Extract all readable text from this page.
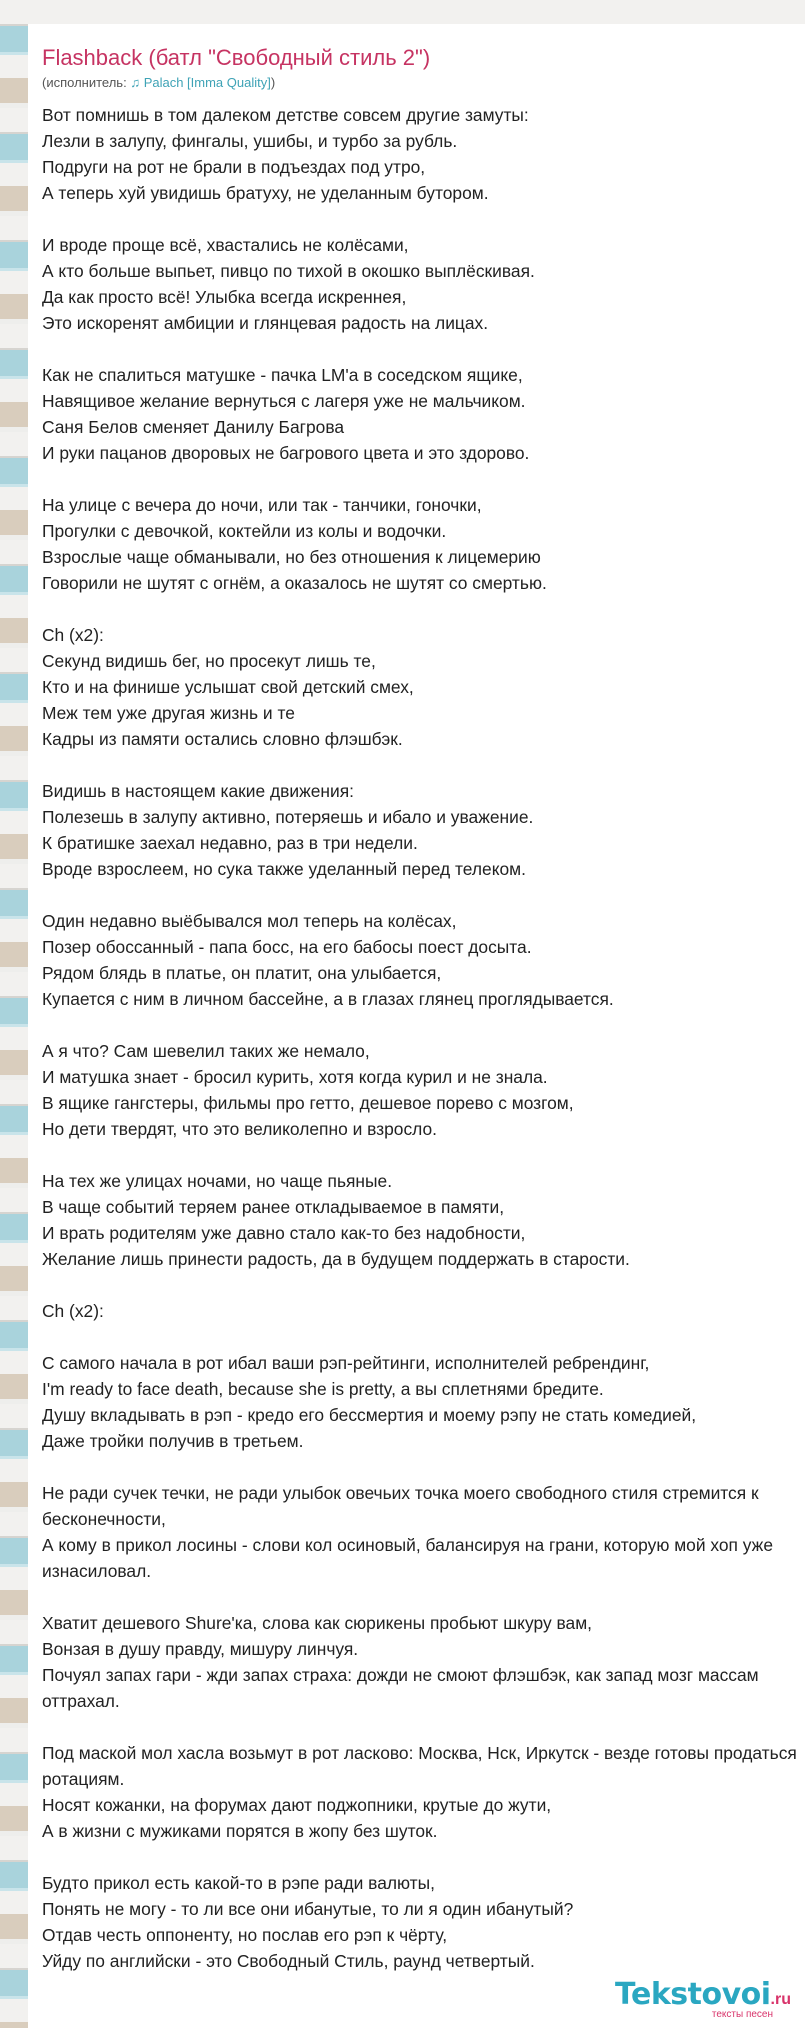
Flashback (батл "Свободный стиль 2")
(исполнитель: ♫ Palach [Imma Quality])
Вот помнишь в том далеком детстве совсем другие замуты:
Лезли в залупу, фингалы, ушибы, и турбо за рубль.
Подруги на рот не брали в подъездах под утро,
А теперь хуй увидишь братуху, не уделанным бутором.
И вроде проще всё, хвастались не колёсами,
А кто больше выпьет, пивцо по тихой в окошко выплёскивая.
Да как просто всё! Улыбка всегда искреннея,
Это искоренят амбиции и глянцевая радость на лицах.
Как не спалиться матушке - пачка LM'a в соседском ящике,
Навящивое желание вернуться с лагеря уже не мальчиком.
Саня Белов сменяет Данилу Багрова
И руки пацанов дворовых не багрового цвета и это здорово.
На улице с вечера до ночи, или так - танчики, гоночки,
Прогулки с девочкой, коктейли из колы и водочки.
Взрослые чаще обманывали, но без отношения к лицемерию
Говорили не шутят с огнём, а оказалось не шутят со смертью.
Ch (x2):
Секунд видишь бег, но просекут лишь те,
Кто и на финише услышат свой детский смех,
Меж тем уже другая жизнь и те
Кадры из памяти остались словно флэшбэк.
Видишь в настоящем какие движения:
Полезешь в залупу активно, потеряешь и ибало и уважение.
К братишке заехал недавно, раз в три недели.
Вроде взрослеем, но сука также уделанный перед телеком.
Один недавно выёбывался мол теперь на колёсах,
Позер обоссанный - папа босс, на его бабосы поест досыта.
Рядом блядь в платье, он платит, она улыбается,
Купается с ним в личном бассейне, а в глазах глянец проглядывается.
А я что? Сам шевелил таких же немало,
И матушка знает - бросил курить, хотя когда курил и не знала.
В ящике гангстеры, фильмы про гетто, дешевое порево с мозгом,
Но дети твердят, что это великолепно и взросло.
На тех же улицах ночами, но чаще пьяные.
В чаще событий теряем ранее откладываемое в памяти,
И врать родителям уже давно стало как-то без надобности,
Желание лишь принести радость, да в будущем поддержать в старости.
Ch (x2):
С самого начала в рот ибал ваши рэп-рейтинги, исполнителей ребрендинг,
I'm ready to face death, because she is pretty, а вы сплетнями бредите.
Душу вкладывать в рэп - кредо его бессмертия и моему рэпу не стать комедией,
Даже тройки получив в третьем.
Не ради сучек течки, не ради улыбок овечьих точка моего свободного стиля стремится к бесконечности,
А кому в прикол лосины - слови кол осиновый, балансируя на грани, которую мой хоп уже изнасиловал.
Хватит дешевого Shure'ка, слова как сюрикены пробьют шкуру вам,
Вонзая в душу правду, мишуру линчуя.
Почуял запах гари - жди запах страха: дожди не смоют флэшбэк, как запад мозг массам оттрахал.
Под маской мол хасла возьмут в рот ласково: Москва, Нск, Иркутск - везде готовы продаться ротациям.
Носят кожанки, на форумах дают поджопники, крутые до жути,
А в жизни с мужиками порятся в жопу без шуток.
Будто прикол есть какой-то в рэпе ради валюты,
Понять не могу - то ли все они ибанутые, то ли я один ибанутый?
Отдав честь оппоненту, но послав его рэп к чёрту,
Уйду по английски - это Свободный Стиль, раунд четвертый.
Tekstovoi.ru
тексты песен
